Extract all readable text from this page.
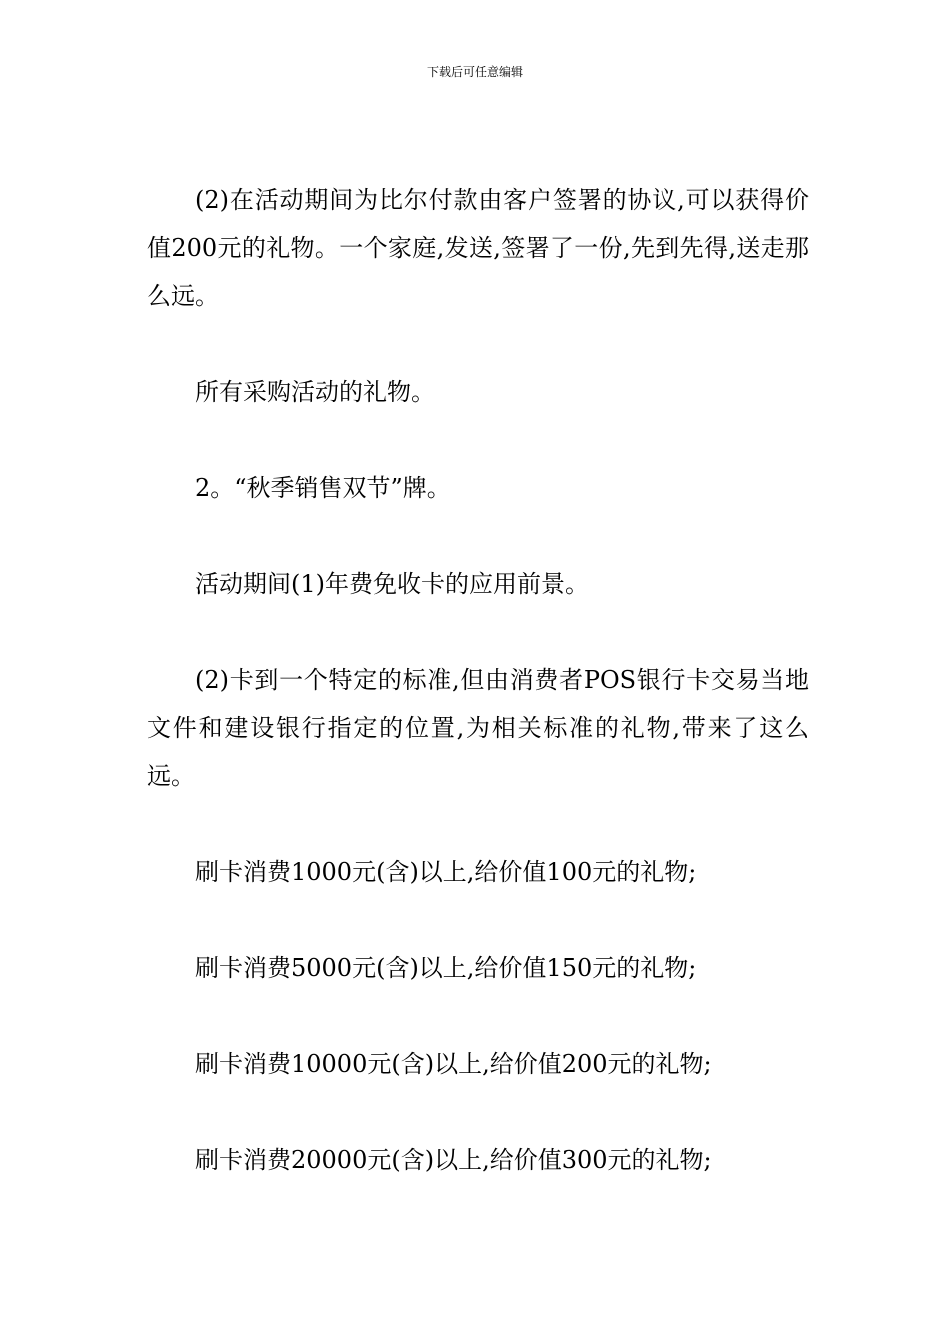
下载后可任意编辑

(2)在活动期间为比尔付款由客户签署的协议,可以获得价值200元的礼物。一个家庭,发送,签署了一份,先到先得,送走那么远。

所有采购活动的礼物。

2。“秋季销售双节”牌。

活动期间(1)年费免收卡的应用前景。

(2)卡到一个特定的标准,但由消费者POS银行卡交易当地文件和建设银行指定的位置,为相关标准的礼物,带来了这么远。

刷卡消费1000元(含)以上,给价值100元的礼物;

刷卡消费5000元(含)以上,给价值150元的礼物;

刷卡消费10000元(含)以上,给价值200元的礼物;

刷卡消费20000元(含)以上,给价值300元的礼物;
